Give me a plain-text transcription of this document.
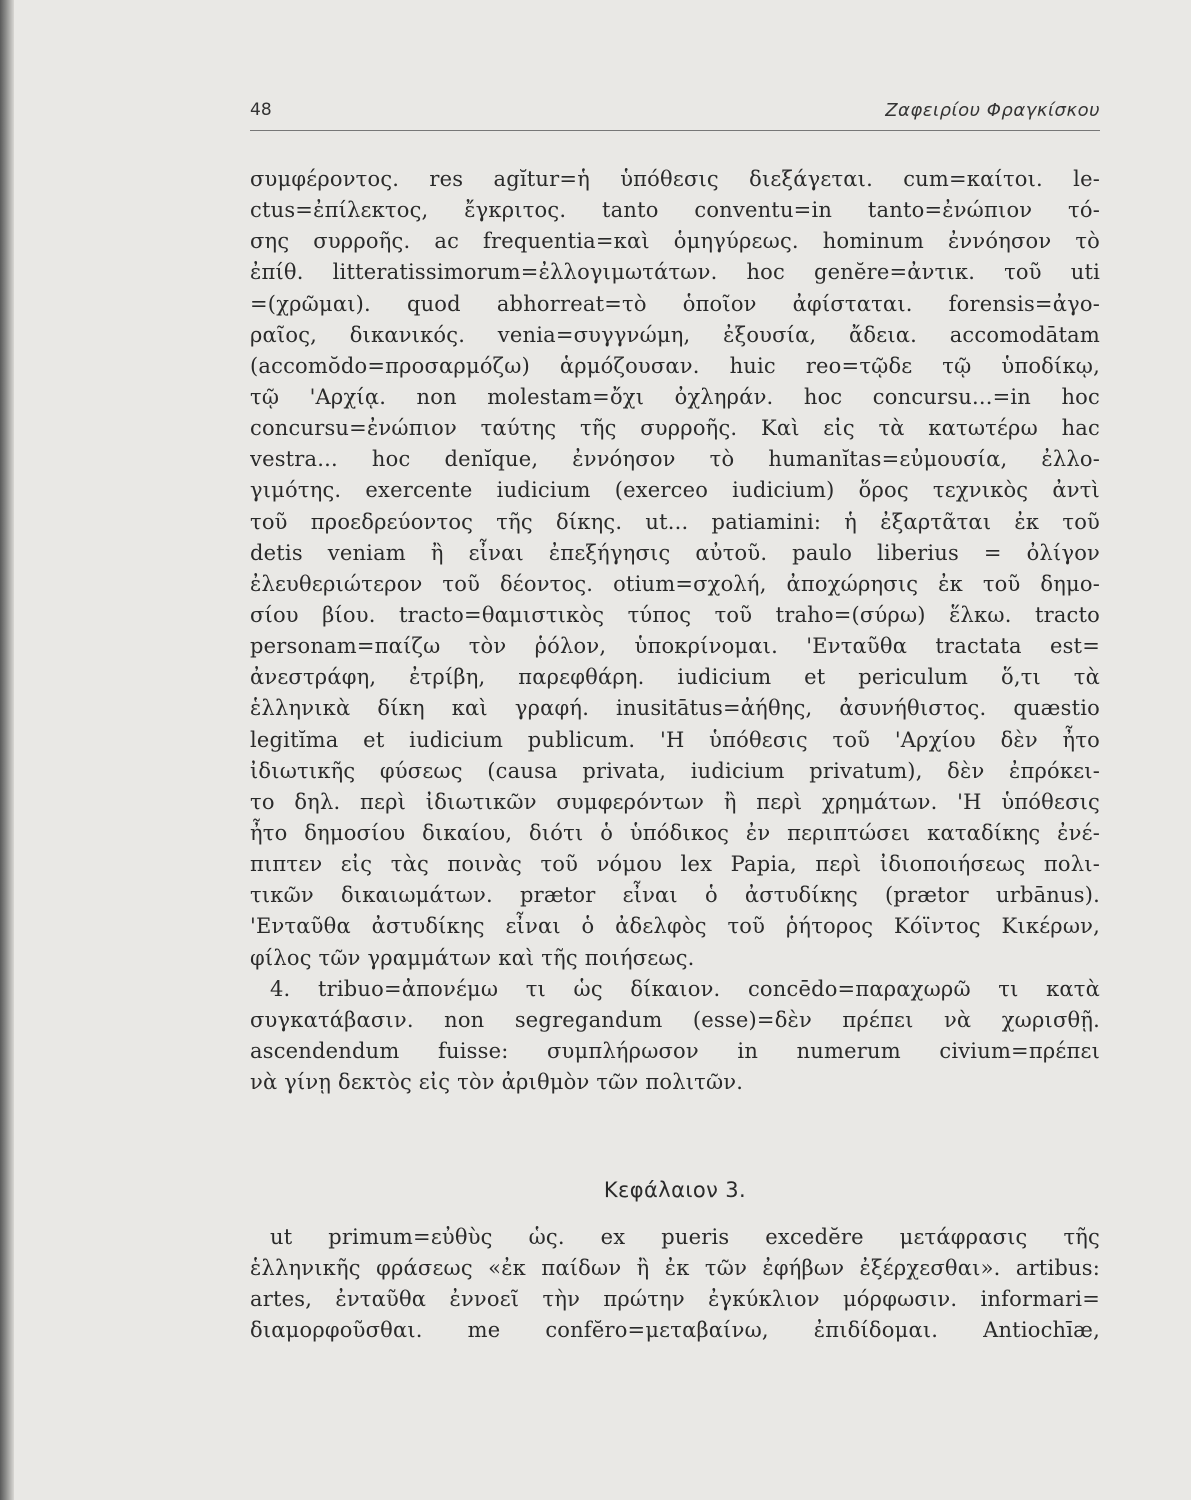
48	Ζαφειρίου Φραγκίσκου
συμφέροντος. res agĭtur=ἡ ὑπόθεσις διεξάγεται. cum=καίτοι. le-
ctus=ἐπίλεκτος, ἔγκριτος. tanto conventu=in tanto=ἐνώπιον τό-
σης συρροῆς. ac frequentia=καὶ ὁμηγύρεως. hominum ἐννόησον τὸ
ἐπίθ. litteratissimorum=ἐλλογιμωτάτων. hoc genĕre=ἀντικ. τοῦ uti
=(χρῶμαι). quod abhorreat=τὸ ὁποῖον ἀφίσταται. forensis=ἀγο-
ραῖος, δικανικός. venia=συγγνώμη, ἐξουσία, ἄδεια. accomodātam
(accomŏdo=προσαρμόζω) ἁρμόζουσαν. huic reo=τῷδε τῷ ὑποδίκῳ,
τῷ 'Αρχίᾳ. non molestam=ὄχι ὀχληράν. hoc concursu...=in hoc
concursu=ἐνώπιον ταύτης τῆς συρροῆς. Καὶ εἰς τὰ κατωτέρω hac
vestra... hoc denĭque, ἐννόησον τὸ humanĭtas=εὐμουσία, ἐλλο-
γιμότης. exercente iudicium (exerceo iudicium) ὅρος τεχνικὸς ἀντὶ
τοῦ προεδρεύοντος τῆς δίκης. ut... patiamini: ἡ ἐξαρτᾶται ἐκ τοῦ
detis veniam ἢ εἶναι ἐπεξήγησις αὐτοῦ. paulo liberius = ὀλίγον
ἐλευθεριώτερον τοῦ δέοντος. otium=σχολή, ἀποχώρησις ἐκ τοῦ δημο-
σίου βίου. tracto=θαμιστικὸς τύπος τοῦ traho=(σύρω) ἕλκω. tracto
personam=παίζω τὸν ῥόλον, ὑποκρίνομαι. 'Ενταῦθα tractata est=
ἀνεστράφη, ἐτρίβη, παρεφθάρη. iudicium et periculum ὅ,τι τὰ
ἑλληνικὰ δίκη καὶ γραφή. inusitātus=ἀήθης, ἀσυνήθιστος. quæstio
legitĭma et iudicium publicum. 'Η ὑπόθεσις τοῦ 'Αρχίου δὲν ἦτο
ἰδιωτικῆς φύσεως (causa privata, iudicium privatum), δὲν ἐπρόκει-
το δηλ. περὶ ἰδιωτικῶν συμφερόντων ἢ περὶ χρημάτων. 'Η ὑπόθεσις
ἦτο δημοσίου δικαίου, διότι ὁ ὑπόδικος ἐν περιπτώσει καταδίκης ἐνέ-
πιπτεν εἰς τὰς ποινὰς τοῦ νόμου lex Papia, περὶ ἰδιοποιήσεως πολι-
τικῶν δικαιωμάτων. prætor εἶναι ὁ ἀστυδίκης (prætor urbānus).
'Ενταῦθα ἀστυδίκης εἶναι ὁ ἀδελφὸς τοῦ ῥήτορος Κόϊντος Κικέρων,
φίλος τῶν γραμμάτων καὶ τῆς ποιήσεως.
4. tribuo=ἀπονέμω τι ὡς δίκαιον. concēdo=παραχωρῶ τι κατὰ
συγκατάβασιν. non segregandum (esse)=δὲν πρέπει νὰ χωρισθῇ.
ascendendum fuisse: συμπλήρωσον in numerum civium=πρέπει
νὰ γίνῃ δεκτὸς εἰς τὸν ἀριθμὸν τῶν πολιτῶν.
Κεφάλαιον 3.
ut primum=εὐθὺς ὡς. ex pueris excedĕre μετάφρασις τῆς
ἑλληνικῆς φράσεως «ἐκ παίδων ἢ ἐκ τῶν ἐφήβων ἐξέρχεσθαι». artibus:
artes, ἐνταῦθα ἐννοεῖ τὴν πρώτην ἐγκύκλιον μόρφωσιν. informari=
διαμορφοῦσθαι. me confĕro=μεταβαίνω, ἐπιδίδομαι. Antiochīæ,
